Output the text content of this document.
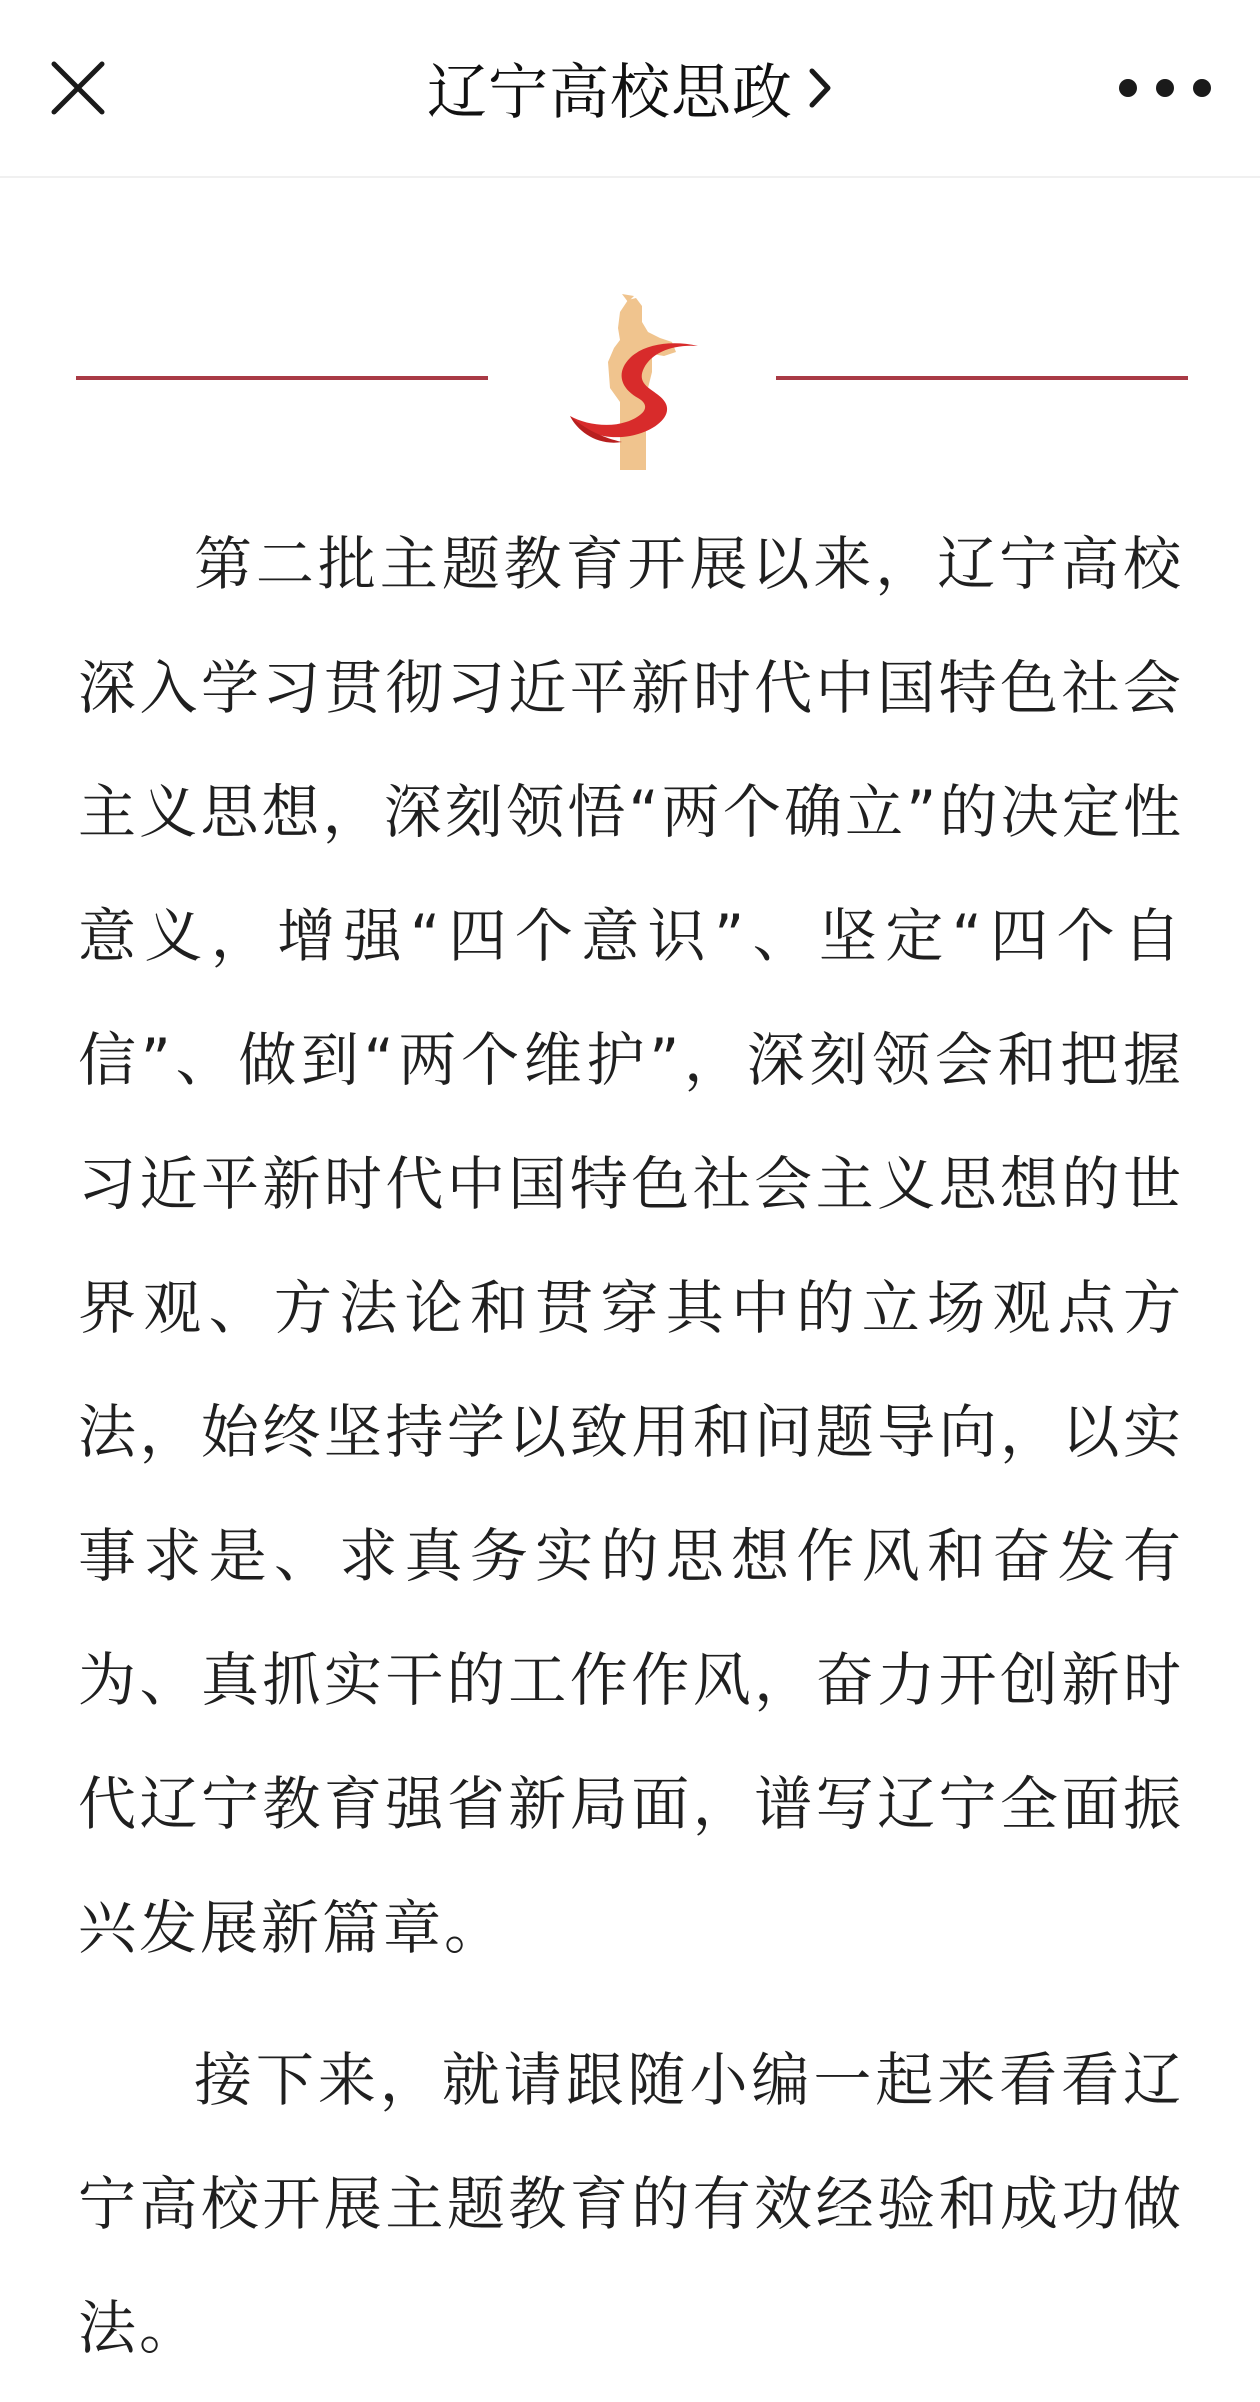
辽宁高校思政

第二批主题教育开展以来，辽宁高校深入学习贯彻习近平新时代中国特色社会主义思想，深刻领悟“两个确立”的决定性意义，增强“四个意识”、坚定“四个自信”、做到“两个维护”，深刻领会和把握习近平新时代中国特色社会主义思想的世界观、方法论和贯穿其中的立场观点方法，始终坚持学以致用和问题导向，以实事求是、求真务实的思想作风和奋发有为、真抓实干的工作作风，奋力开创新时代辽宁教育强省新局面，谱写辽宁全面振兴发展新篇章。

接下来，就请跟随小编一起来看看辽宁高校开展主题教育的有效经验和成功做法。
